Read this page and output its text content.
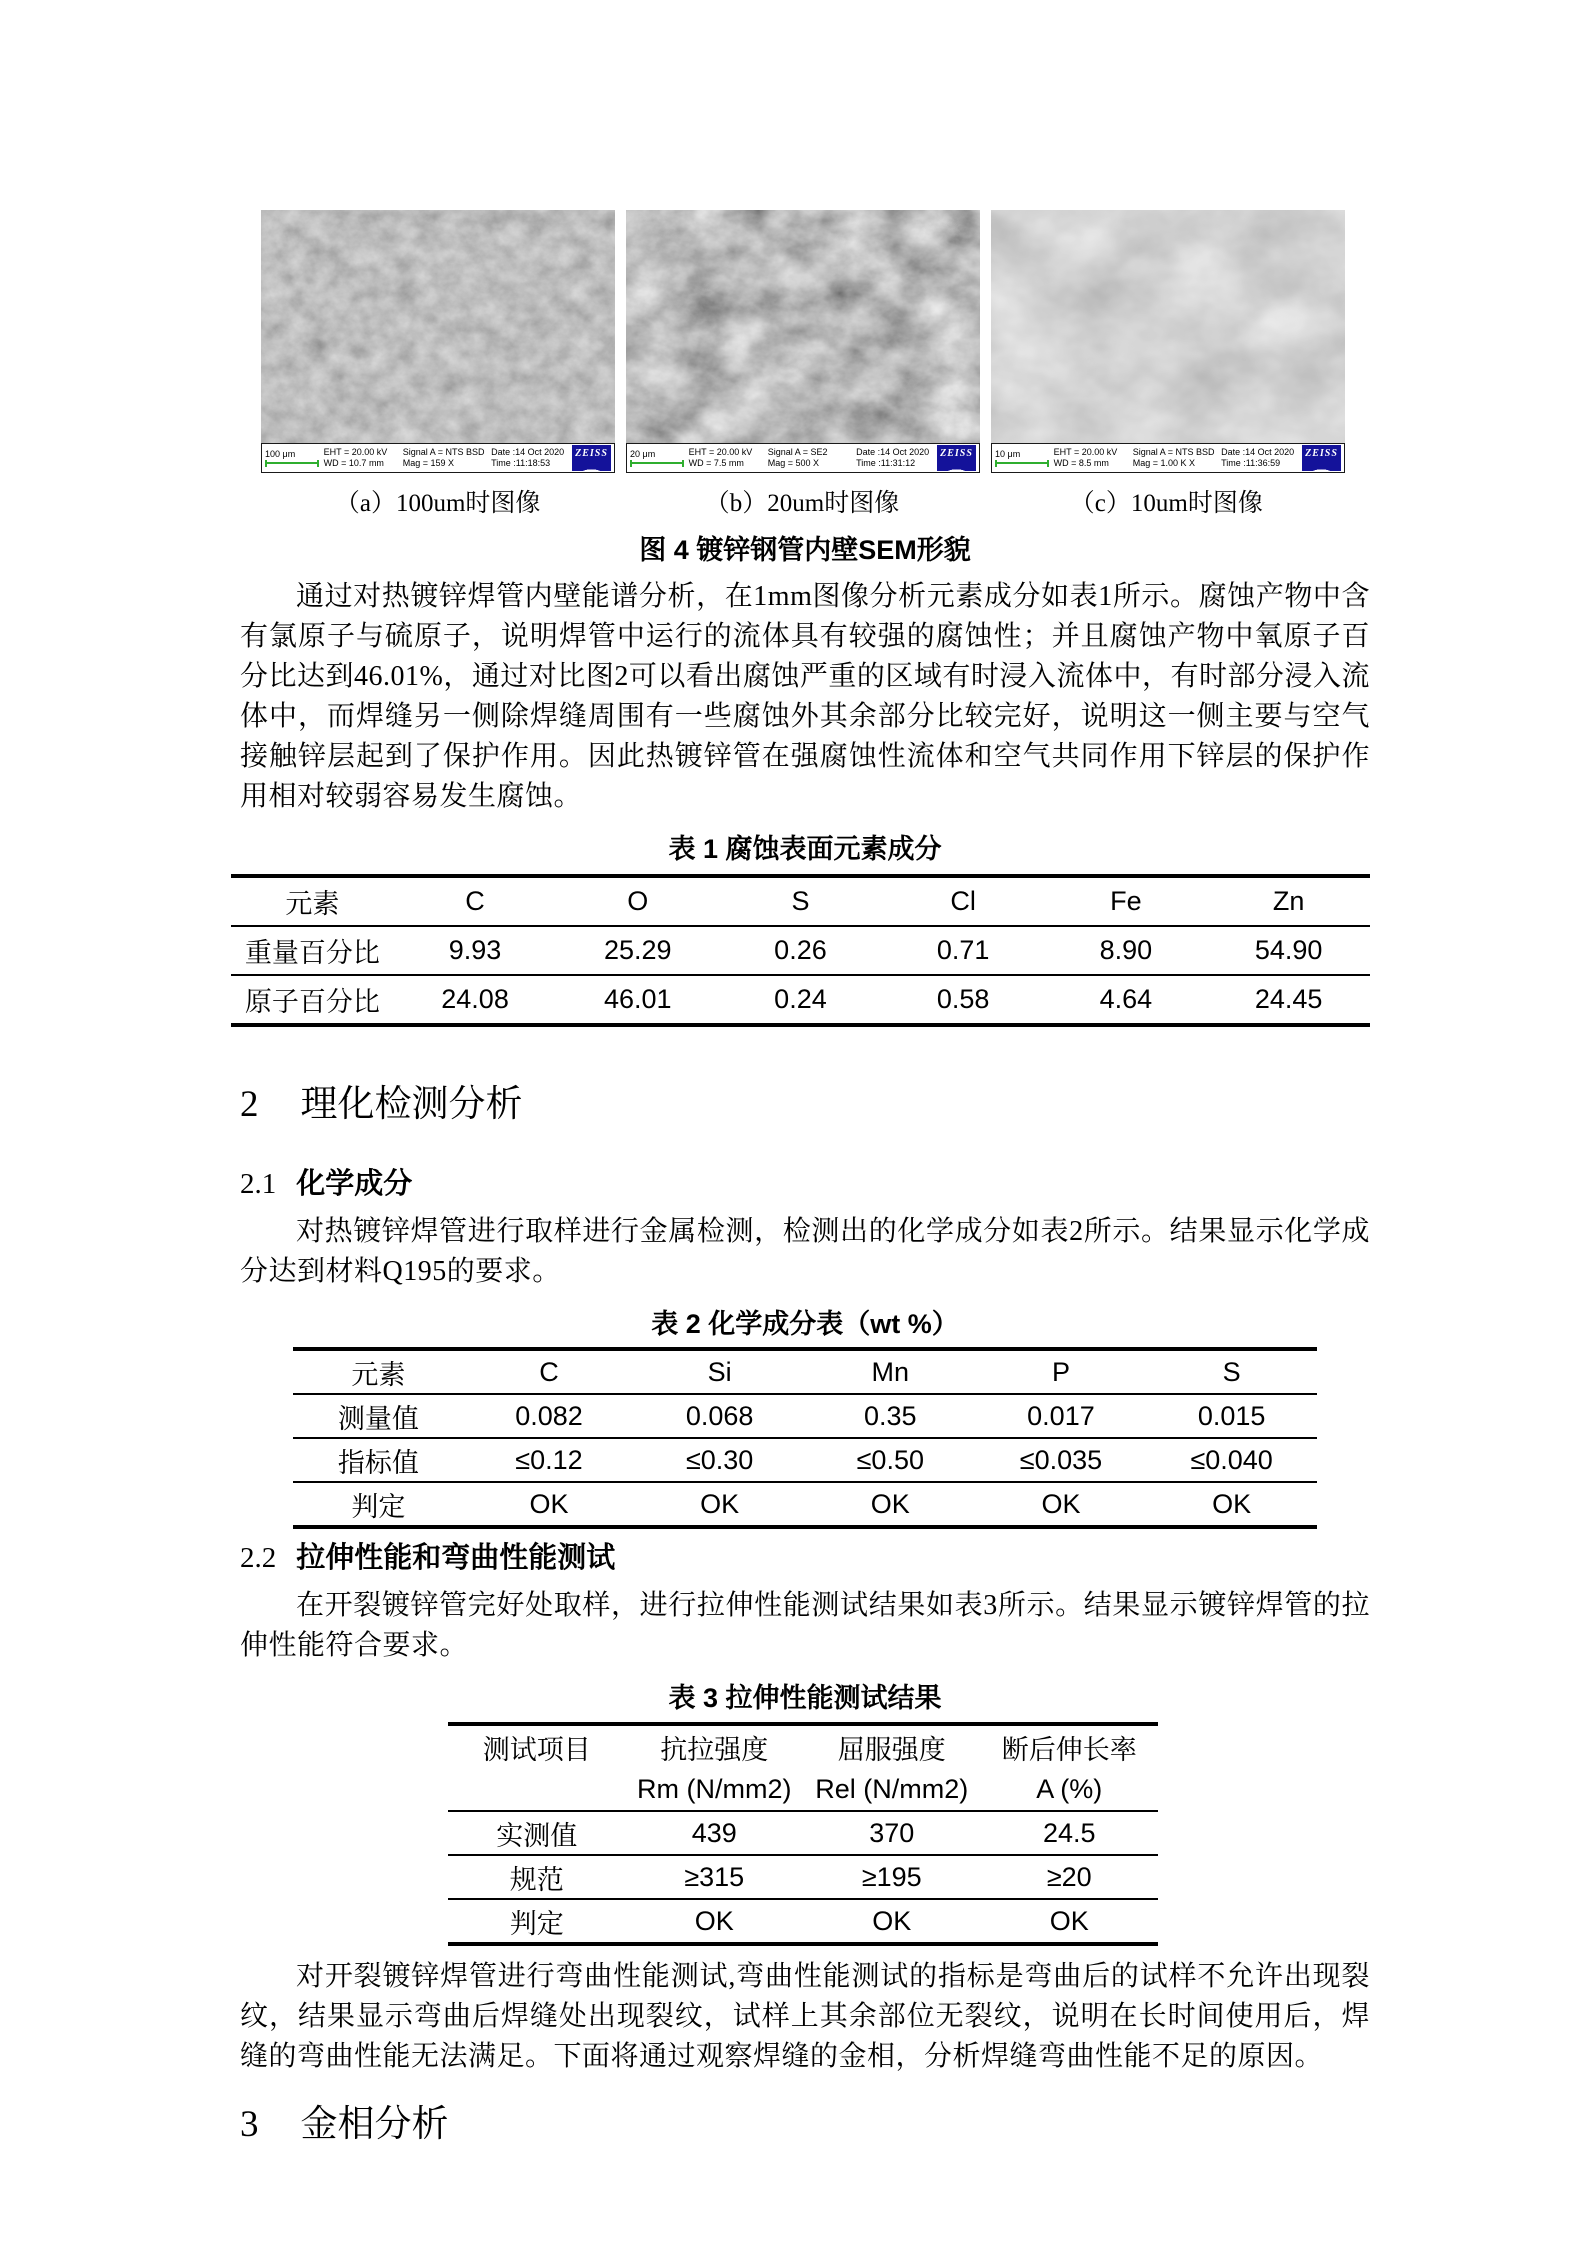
100 μm	EHT = 20.00 kV
WD = 10.7 mm
Signal A = NTS BSD
Mag = 159 X
Date :14 Oct 2020
Time :11:18:53
ZEISS	20 μm	EHT = 20.00 kV
WD = 7.5 mm
Signal A = SE2
Mag = 500 X
Date :14 Oct 2020
Time :11:31:12
ZEISS	10 μm	EHT = 20.00 kV
WD = 8.5 mm
Signal A = NTS BSD
Mag = 1.00 K X
Date :14 Oct 2020
Time :11:36:59
ZEISS
（a）100um时图像	（b）20um时图像	（c）10um时图像
图 4 镀锌钢管内壁SEM形貌

通过对热镀锌焊管内壁能谱分析，在1mm图像分析元素成分如表1所示。腐蚀产物中含有氯原子与硫原子，说明焊管中运行的流体具有较强的腐蚀性；并且腐蚀产物中氧原子百分比达到46.01%，通过对比图2可以看出腐蚀严重的区域有时浸入流体中，有时部分浸入流体中，而焊缝另一侧除焊缝周围有一些腐蚀外其余部分比较完好，说明这一侧主要与空气接触锌层起到了保护作用。因此热镀锌管在强腐蚀性流体和空气共同作用下锌层的保护作用相对较弱容易发生腐蚀。

表 1 腐蚀表面元素成分
元素	C	O	S	Cl	Fe	Zn
重量百分比	9.93	25.29	0.26	0.71	8.90	54.90
原子百分比	24.08	46.01	0.24	0.58	4.64	24.45
2 理化检测分析
2.1 化学成分

对热镀锌焊管进行取样进行金属检测，检测出的化学成分如表2所示。结果显示化学成分达到材料Q195的要求。

表 2 化学成分表（wt %）
元素	C	Si	Mn	P	S
测量值	0.082	0.068	0.35	0.017	0.015
指标值	≤0.12	≤0.30	≤0.50	≤0.035	≤0.040
判定	OK	OK	OK	OK	OK
2.2 拉伸性能和弯曲性能测试

在开裂镀锌管完好处取样，进行拉伸性能测试结果如表3所示。结果显示镀锌焊管的拉伸性能符合要求。

表 3 拉伸性能测试结果
测试项目	抗拉强度	屈服强度	断后伸长率
	Rm (N/mm2)	Rel (N/mm2)	A (%)
实测值	439	370	24.5
规范	≥315	≥195	≥20
判定	OK	OK	OK

对开裂镀锌焊管进行弯曲性能测试,弯曲性能测试的指标是弯曲后的试样不允许出现裂纹，结果显示弯曲后焊缝处出现裂纹，试样上其余部位无裂纹，说明在长时间使用后，焊缝的弯曲性能无法满足。下面将通过观察焊缝的金相，分析焊缝弯曲性能不足的原因。

3 金相分析
